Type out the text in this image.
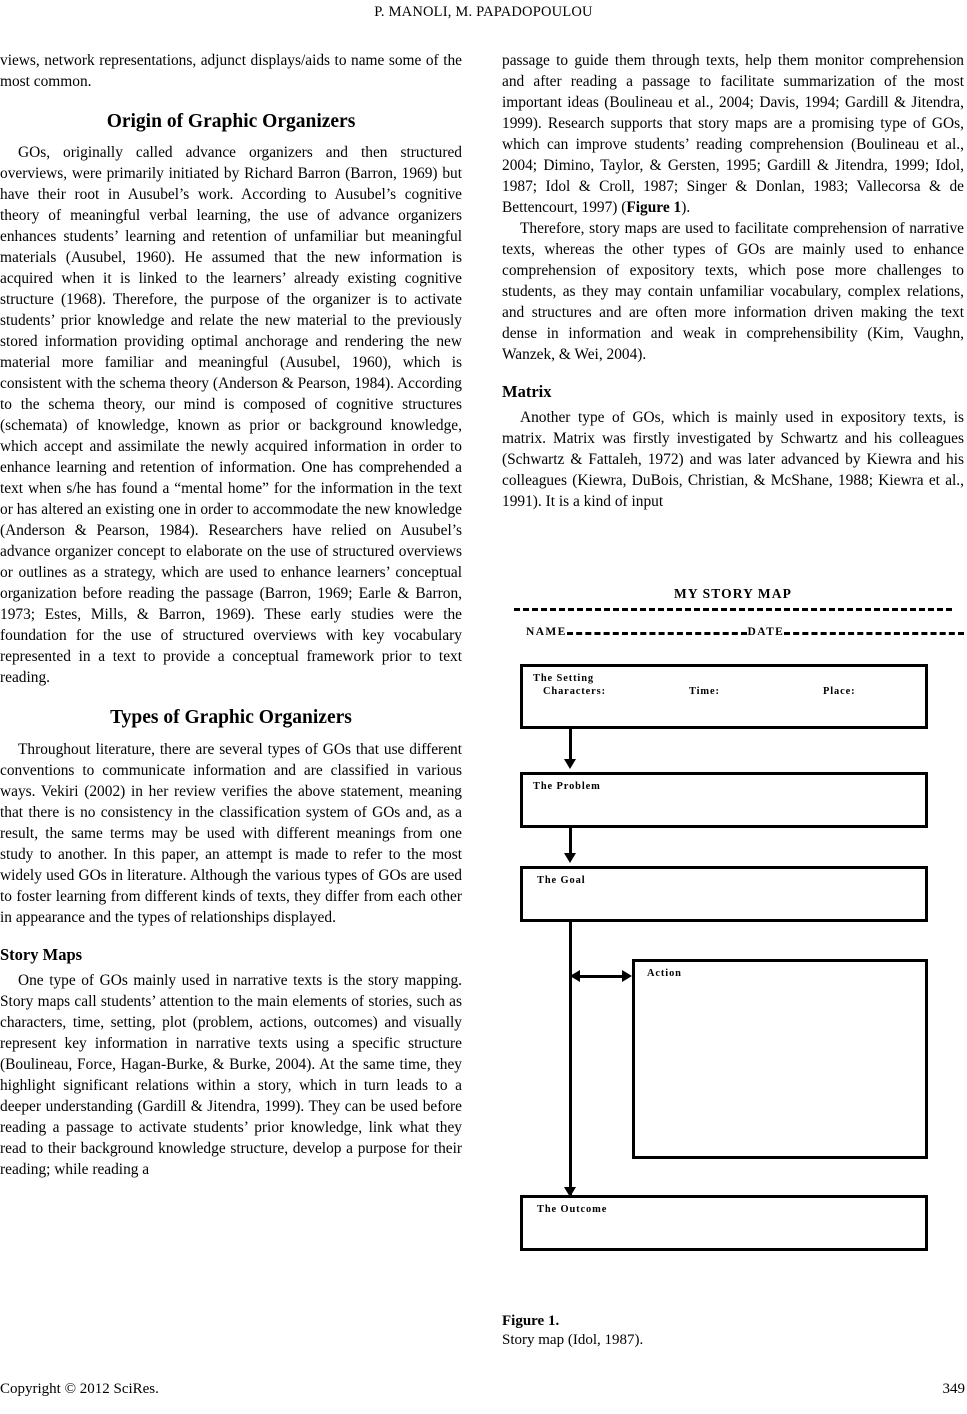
P. MANOLI, M. PAPADOPOULOU

views, network representations, adjunct displays/aids to name some of the most common.

Origin of Graphic Organizers

GOs, originally called advance organizers and then structured overviews, were primarily initiated by Richard Barron (Barron, 1969) but have their root in Ausubel’s work. According to Ausubel’s cognitive theory of meaningful verbal learning, the use of advance organizers enhances students’ learning and retention of unfamiliar but meaningful materials (Ausubel, 1960). He assumed that the new information is acquired when it is linked to the learners’ already existing cognitive structure (1968). Therefore, the purpose of the organizer is to activate students’ prior knowledge and relate the new material to the previously stored information providing optimal anchorage and rendering the new material more familiar and meaningful (Ausubel, 1960), which is consistent with the schema theory (Anderson & Pearson, 1984). According to the schema theory, our mind is composed of cognitive structures (schemata) of knowledge, known as prior or background knowledge, which accept and assimilate the newly acquired information in order to enhance learning and retention of information. One has comprehended a text when s/he has found a “mental home” for the information in the text or has altered an existing one in order to accommodate the new knowledge (Anderson & Pearson, 1984). Researchers have relied on Ausubel’s advance organizer concept to elaborate on the use of structured overviews or outlines as a strategy, which are used to enhance learners’ conceptual organization before reading the passage (Barron, 1969; Earle & Barron, 1973; Estes, Mills, & Barron, 1969). These early studies were the foundation for the use of structured overviews with key vocabulary represented in a text to provide a conceptual framework prior to text reading.

Types of Graphic Organizers

Throughout literature, there are several types of GOs that use different conventions to communicate information and are classified in various ways. Vekiri (2002) in her review verifies the above statement, meaning that there is no consistency in the classification system of GOs and, as a result, the same terms may be used with different meanings from one study to another. In this paper, an attempt is made to refer to the most widely used GOs in literature. Although the various types of GOs are used to foster learning from different kinds of texts, they differ from each other in appearance and the types of relationships displayed.

Story Maps

One type of GOs mainly used in narrative texts is the story mapping. Story maps call students’ attention to the main elements of stories, such as characters, time, setting, plot (problem, actions, outcomes) and visually represent key information in narrative texts using a specific structure (Boulineau, Force, Hagan-Burke, & Burke, 2004). At the same time, they highlight significant relations within a story, which in turn leads to a deeper understanding (Gardill & Jitendra, 1999). They can be used before reading a passage to activate students’ prior knowledge, link what they read to their background knowledge structure, develop a purpose for their reading; while reading a

passage to guide them through texts, help them monitor comprehension and after reading a passage to facilitate summarization of the most important ideas (Boulineau et al., 2004; Davis, 1994; Gardill & Jitendra, 1999). Research supports that story maps are a promising type of GOs, which can improve students’ reading comprehension (Boulineau et al., 2004; Dimino, Taylor, & Gersten, 1995; Gardill & Jitendra, 1999; Idol, 1987; Idol & Croll, 1987; Singer & Donlan, 1983; Vallecorsa & de Bettencourt, 1997) (Figure 1).

Therefore, story maps are used to facilitate comprehension of narrative texts, whereas the other types of GOs are mainly used to enhance comprehension of expository texts, which pose more challenges to students, as they may contain unfamiliar vocabulary, complex relations, and structures and are often more information driven making the text dense in information and weak in comprehensibility (Kim, Vaughn, Wanzek, & Wei, 2004).

Matrix

Another type of GOs, which is mainly used in expository texts, is matrix. Matrix was firstly investigated by Schwartz and his colleagues (Schwartz & Fattaleh, 1972) and was later advanced by Kiewra and his colleagues (Kiewra, DuBois, Christian, & McShane, 1988; Kiewra et al., 1991). It is a kind of input

MY STORY MAP
NAME	DATE
The Setting
Characters:	Time:	Place:
The Problem
The Goal
Action
The Outcome
Figure 1.
Story map (Idol, 1987).
Copyright © 2012 SciRes.	349
